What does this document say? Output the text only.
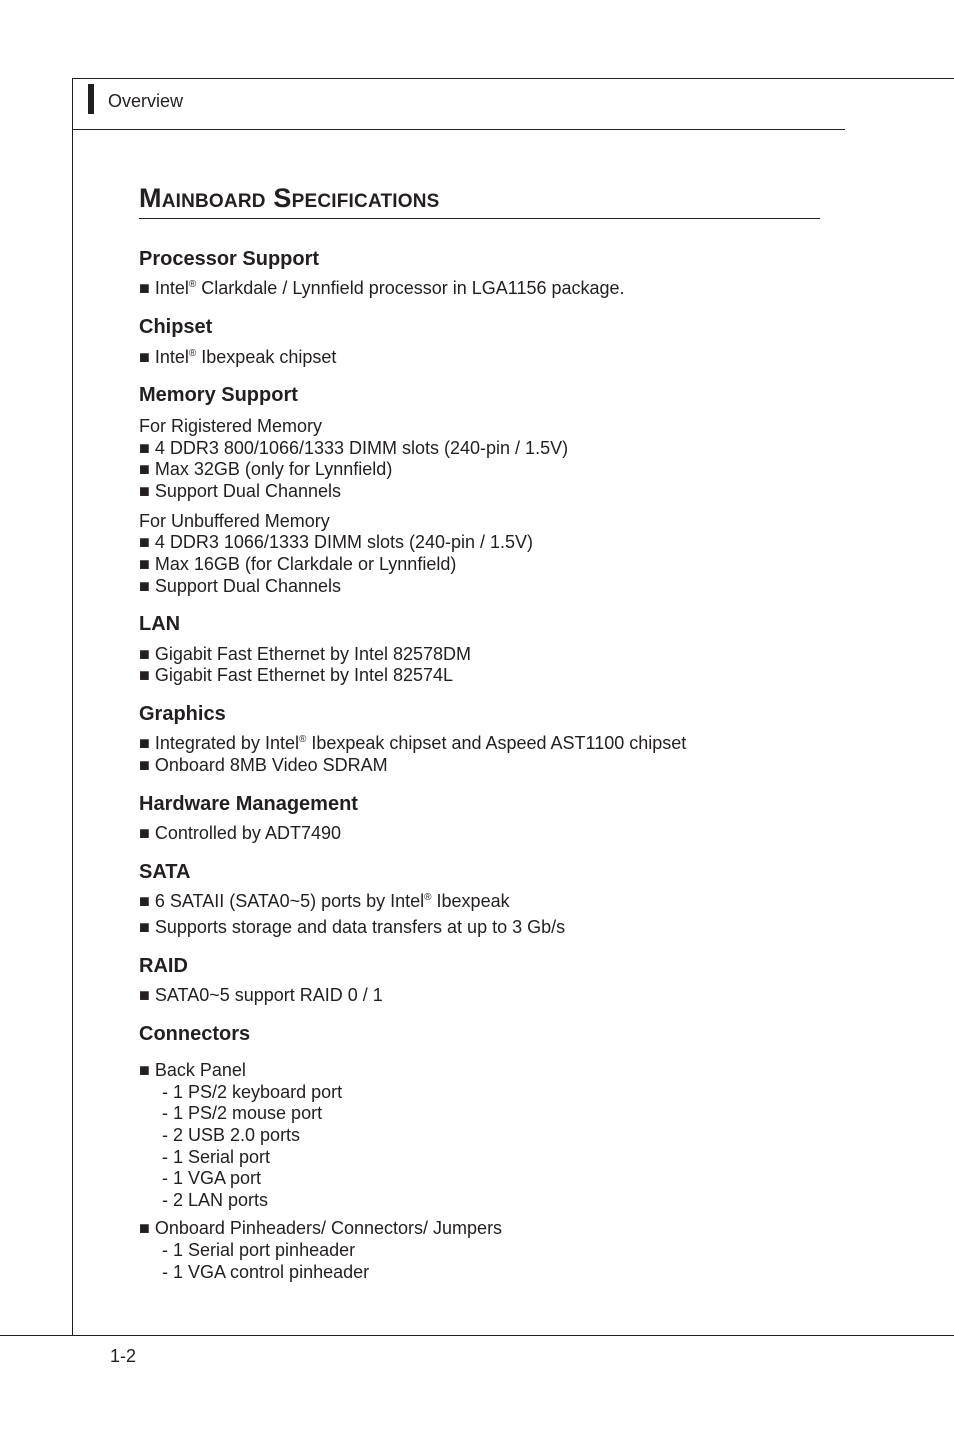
Overview
Mainboard Specifications
Processor Support
■ Intel® Clarkdale / Lynnfield processor in LGA1156 package.
Chipset
■ Intel® Ibexpeak chipset
Memory Support
For Rigistered Memory
■ 4 DDR3 800/1066/1333 DIMM slots (240-pin / 1.5V)
■ Max 32GB (only for Lynnfield)
■ Support Dual Channels
For Unbuffered Memory
■ 4 DDR3 1066/1333 DIMM slots (240-pin / 1.5V)
■ Max 16GB (for Clarkdale or Lynnfield)
■ Support Dual Channels
LAN
■ Gigabit Fast Ethernet by Intel 82578DM
■ Gigabit Fast Ethernet by Intel 82574L
Graphics
■ Integrated by Intel® Ibexpeak chipset and Aspeed AST1100 chipset
■ Onboard 8MB Video SDRAM
Hardware Management
■ Controlled by ADT7490
SATA
■ 6 SATAII (SATA0~5) ports by Intel® Ibexpeak
■ Supports storage and data transfers at up to 3 Gb/s
RAID
■ SATA0~5 support RAID 0 / 1
Connectors
■ Back Panel
- 1 PS/2 keyboard port
- 1 PS/2 mouse port
- 2 USB 2.0 ports
- 1 Serial port
- 1 VGA port
- 2 LAN ports
■ Onboard Pinheaders/ Connectors/ Jumpers
- 1 Serial port pinheader
- 1 VGA control pinheader
1-2
